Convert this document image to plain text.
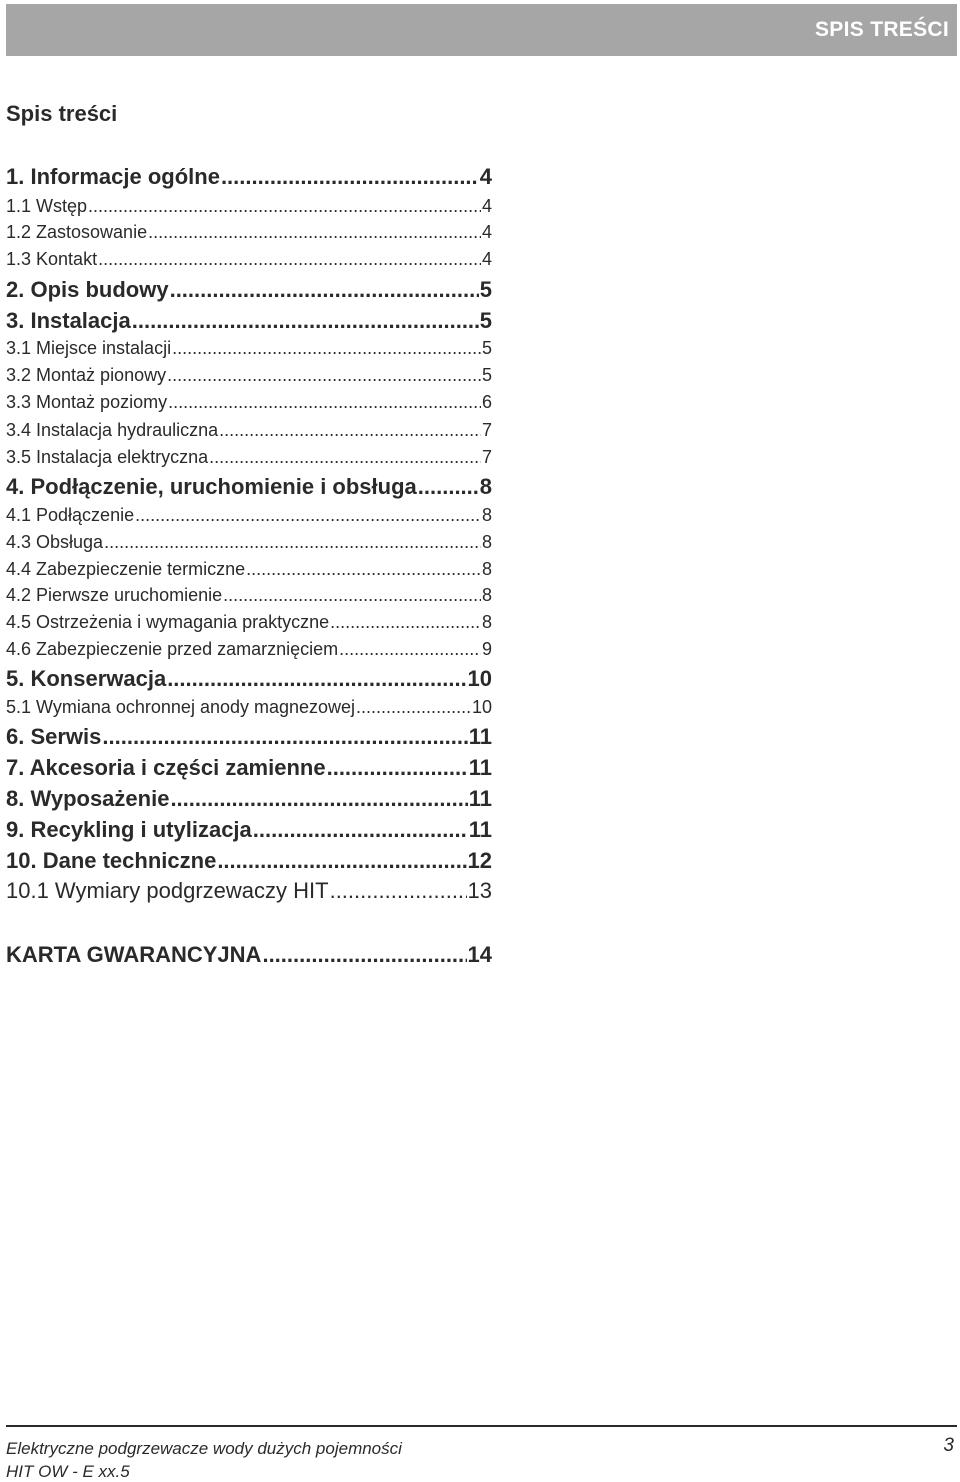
SPIS TREŚCI
Spis treści
1. Informacje ogólne .....	4
1.1 Wstęp .....	4
1.2 Zastosowanie .....	4
1.3 Kontakt .....	4
2. Opis budowy .....	5
3. Instalacja .....	5
3.1 Miejsce instalacji .....	5
3.2 Montaż pionowy .....	5
3.3 Montaż poziomy .....	6
3.4 Instalacja hydrauliczna .....	7
3.5 Instalacja elektryczna .....	7
4. Podłączenie, uruchomienie i obsługa .....	8
4.1 Podłączenie .....	8
4.3 Obsługa .....	8
4.4 Zabezpieczenie termiczne .....	8
4.2 Pierwsze uruchomienie .....	8
4.5 Ostrzeżenia i wymagania praktyczne .....	8
4.6 Zabezpieczenie przed zamarznięciem .....	9
5. Konserwacja .....	10
5.1 Wymiana ochronnej anody magnezowej .....	10
6. Serwis .....	11
7. Akcesoria i części zamienne .....	11
8. Wyposażenie .....	11
9. Recykling i utylizacja .....	11
10. Dane techniczne .....	12
10.1 Wymiary podgrzewaczy HIT .....	13
KARTA GWARANCYJNA .....	14
Elektryczne podgrzewacze wody dużych pojemności
HIT OW - E xx.5
3
